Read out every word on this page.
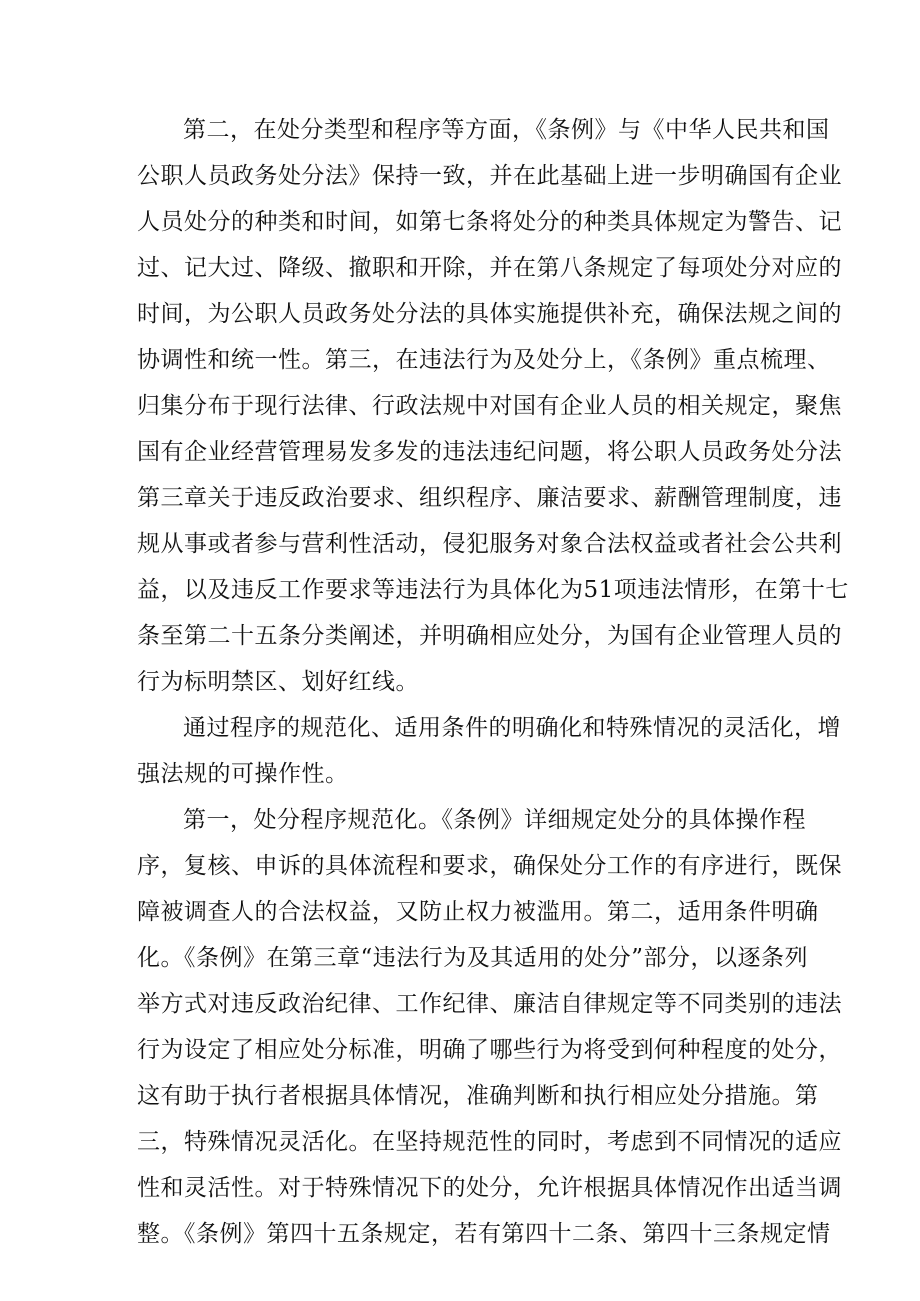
第二，在处分类型和程序等方面，《条例》与《中华人民共和国
公职人员政务处分法》保持一致，并在此基础上进一步明确国有企业
人员处分的种类和时间，如第七条将处分的种类具体规定为警告、记
过、记大过、降级、撤职和开除，并在第八条规定了每项处分对应的
时间，为公职人员政务处分法的具体实施提供补充，确保法规之间的
协调性和统一性。第三，在违法行为及处分上，《条例》重点梳理、
归集分布于现行法律、行政法规中对国有企业人员的相关规定，聚焦
国有企业经营管理易发多发的违法违纪问题，将公职人员政务处分法
第三章关于违反政治要求、组织程序、廉洁要求、薪酬管理制度，违
规从事或者参与营利性活动，侵犯服务对象合法权益或者社会公共利
益，以及违反工作要求等违法行为具体化为51项违法情形，在第十七
条至第二十五条分类阐述，并明确相应处分，为国有企业管理人员的
行为标明禁区、划好红线。
通过程序的规范化、适用条件的明确化和特殊情况的灵活化，增
强法规的可操作性。
第一，处分程序规范化。《条例》详细规定处分的具体操作程
序，复核、申诉的具体流程和要求，确保处分工作的有序进行，既保
障被调查人的合法权益，又防止权力被滥用。第二，适用条件明确
化。《条例》在第三章“违法行为及其适用的处分”部分，以逐条列
举方式对违反政治纪律、工作纪律、廉洁自律规定等不同类别的违法
行为设定了相应处分标准，明确了哪些行为将受到何种程度的处分，
这有助于执行者根据具体情况，准确判断和执行相应处分措施。第
三，特殊情况灵活化。在坚持规范性的同时，考虑到不同情况的适应
性和灵活性。对于特殊情况下的处分，允许根据具体情况作出适当调
整。《条例》第四十五条规定，若有第四十二条、第四十三条规定情
